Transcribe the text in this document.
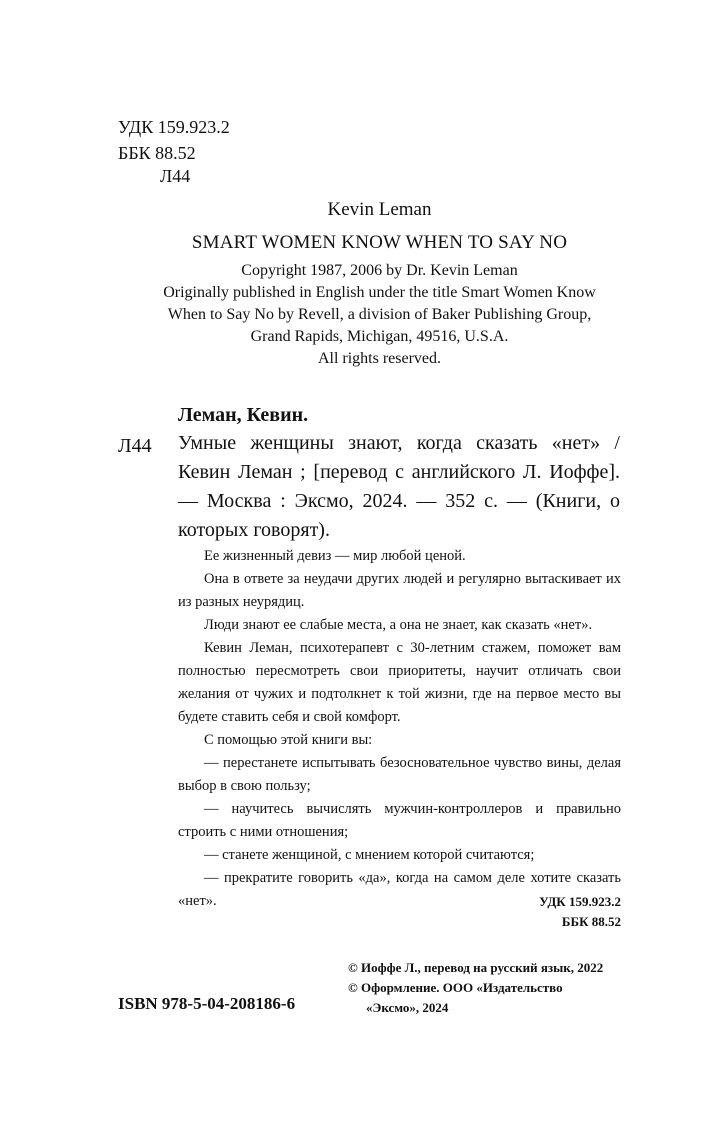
УДК 159.923.2
ББК 88.52
Л44
Kevin Leman
SMART WOMEN KNOW WHEN TO SAY NO
Copyright 1987, 2006 by Dr. Kevin Leman
Originally published in English under the title Smart Women Know
When to Say No by Revell, a division of Baker Publishing Group,
Grand Rapids, Michigan, 49516, U.S.A.
All rights reserved.
Леман, Кевин.
Л44 Умные женщины знают, когда сказать «нет» / Кевин Леман ; [перевод с английского Л. Иоффе]. — Москва : Эксмо, 2024. — 352 с. — (Книги, о которых говорят).

Ее жизненный девиз — мир любой ценой.

Она в ответе за неудачи других людей и регулярно вытаскивает их из разных неурядиц.

Люди знают ее слабые места, а она не знает, как сказать «нет».

Кевин Леман, психотерапевт с 30-летним стажем, поможет вам полностью пересмотреть свои приоритеты, научит отличать свои желания от чужих и подтолкнет к той жизни, где на первое место вы будете ставить себя и свой комфорт.

С помощью этой книги вы:

— перестанете испытывать безосновательное чувство вины, делая выбор в свою пользу;

— научитесь вычислять мужчин-контроллеров и правильно строить с ними отношения;

— станете женщиной, с мнением которой считаются;

— прекратите говорить «да», когда на самом деле хотите сказать «нет».	УДК 159.923.2
ББК 88.52
© Иоффе Л., перевод на русский язык, 2022
© Оформление. ООО «Издательство
«Эксмо», 2024
ISBN 978-5-04-208186-6
